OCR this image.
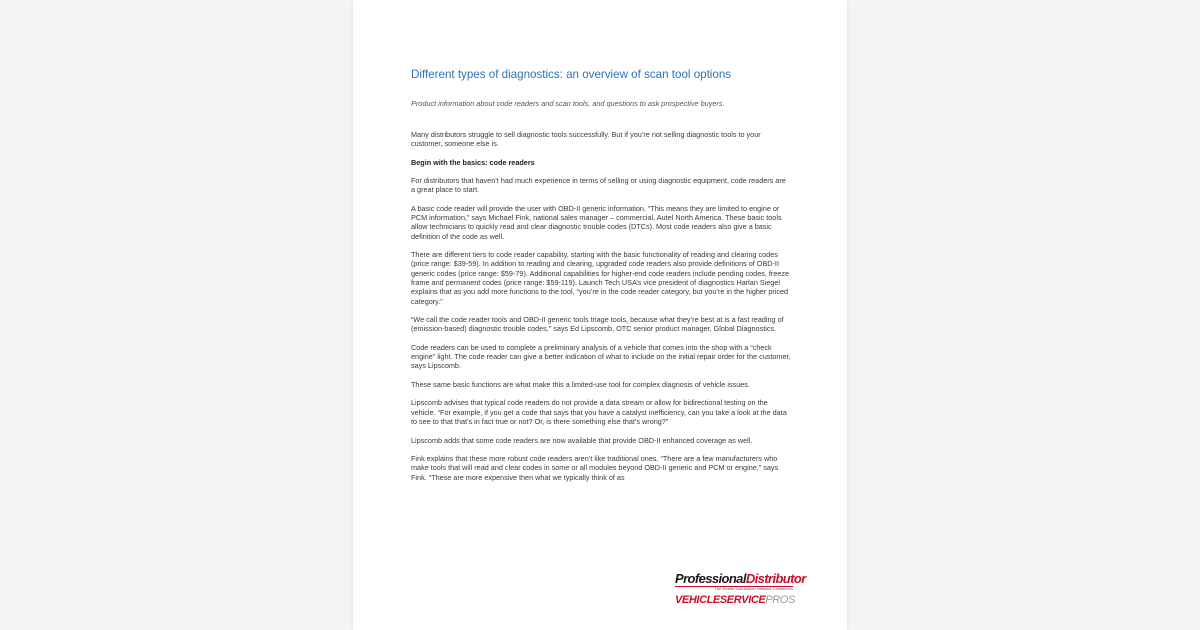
Different types of diagnostics: an overview of scan tool options

Product information about code readers and scan tools, and questions to ask prospective buyers.

Many distributors struggle to sell diagnostic tools successfully. But if you’re not selling diagnostic tools to your customer, someone else is.

Begin with the basics: code readers

For distributors that haven’t had much experience in terms of selling or using diagnostic equipment, code readers are a great place to start.

A basic code reader will provide the user with OBD-II generic information. “This means they are limited to engine or PCM information,” says Michael Fink, national sales manager – commercial, Autel North America. These basic tools allow technicians to quickly read and clear diagnostic trouble codes (DTCs). Most code readers also give a basic definition of the code as well.

There are different tiers to code reader capability, starting with the basic functionality of reading and clearing codes (price range: $39-59). In addition to reading and clearing, upgraded code readers also provide definitions of OBD-II generic codes (price range: $59-79). Additional capabilities for higher-end code readers include pending codes, freeze frame and permanent codes (price range: $59-119). Launch Tech USA’s vice president of diagnostics Harlan Siegel explains that as you add more functions to the tool, “you’re in the code reader category, but you’re in the higher priced category.”

“We call the code reader tools and OBD-II generic tools triage tools, because what they’re best at is a fast reading of (emission-based) diagnostic trouble codes,” says Ed Lipscomb, OTC senior product manager, Global Diagnostics.

Code readers can be used to complete a preliminary analysis of a vehicle that comes into the shop with a “check engine” light. The code reader can give a better indication of what to include on the initial repair order for the customer, says Lipscomb.

These same basic functions are what make this a limited-use tool for complex diagnosis of vehicle issues.

Lipscomb advises that typical code readers do not provide a data stream or allow for bidirectional testing on the vehicle. “For example, if you get a code that says that you have a catalyst inefficiency, can you take a look at the data to see to that that’s in fact true or not? Or, is there something else that’s wrong?”

Lipscomb adds that some code readers are now available that provide OBD-II enhanced coverage as well.

Fink explains that these more robust code readers aren’t like traditional ones. “There are a few manufacturers who make tools that will read and clear codes in some or all modules beyond OBD-II generic and PCM or engine,” says Fink. “These are more expensive then what we typically think of as

ProfessionalDistributor
The Mobile Distribution Network Connection
VEHICLESERVICEPROS
